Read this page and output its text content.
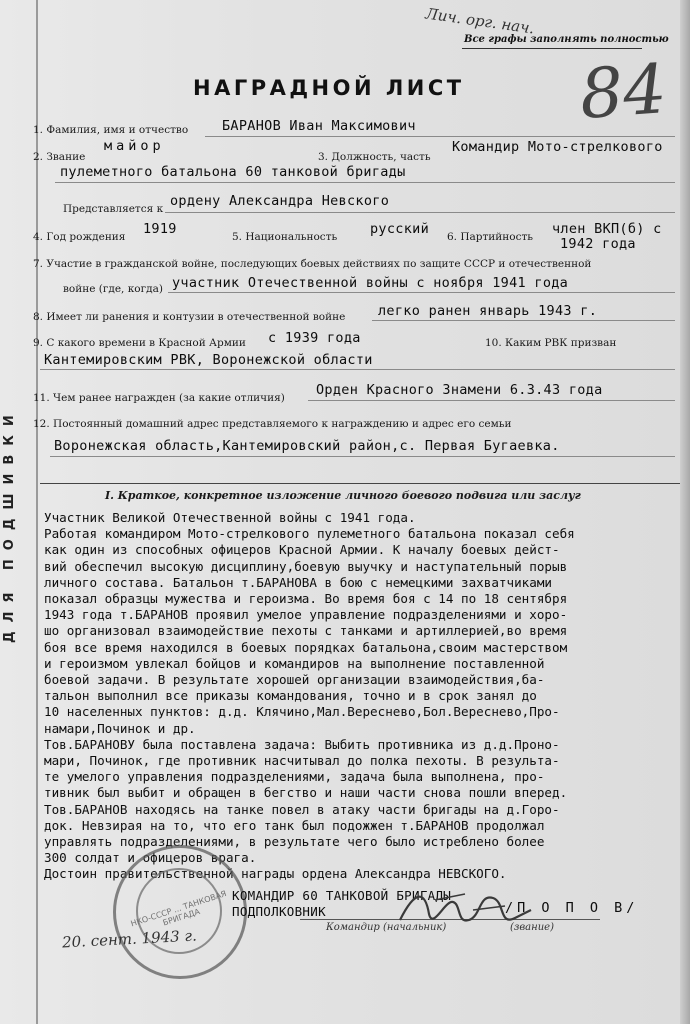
ДЛЯ ПОДШИВКИ
Лич. орг. нач.
84
Все графы заполнять полностью
НАГРАДНОЙ ЛИСТ
1. Фамилия, имя и отчество	БАРАНОВ Иван Максимович
2. Звание
майор
3. Должность, часть
Командир Мото-стрелкового
пулеметного батальона 60 танковой бригады
Представляется к ордену Александра Невского
4. Год рождения 1919	5. Национальность русский 6. Партийность член ВКП(б) с
1942 года
7. Участие в гражданской войне, последующих боевых действиях по защите СССР и отечественной
войне (где, когда) участник Отечественной войны с ноября 1941 года
8. Имеет ли ранения и контузии в отечественной войне легко ранен январь 1943 г.
9. С какого времени в Красной Армии с 1939 года	10. Каким РВК призван
Кантемировским РВК, Воронежской области
11. Чем ранее награжден (за какие отличия) Орден Красного Знамени 6.3.43 года
12. Постоянный домашний адрес представляемого к награждению и адрес его семьи
Воронежская область,Кантемировский район,с. Первая Бугаевка.
I. Краткое, конкретное изложение личного боевого подвига или заслуг
Участник Великой Отечественной войны с 1941 года.
Работая командиром Мото-стрелкового пулеметного батальона показал себя
как один из способных офицеров Красной Армии. К началу боевых дейст-
вий обеспечил высокую дисциплину,боевую выучку и наступательный порыв
личного состава. Батальон т.БАРАНОВА в бою с немецкими захватчиками
показал образцы мужества и героизма. Во время боя с 14 по 18 сентября
1943 года т.БАРАНОВ проявил умелое управление подразделениями и хоро-
шо организовал взаимодействие пехоты с танками и артиллерией,во время
боя все время находился в боевых порядках батальона,своим мастерством
и героизмом увлекал бойцов и командиров на выполнение поставленной
боевой задачи. В результате хорошей организации взаимодействия,ба-
тальон выполнил все приказы командования, точно и в срок занял до
10 населенных пунктов: д.д. Клячино,Мал.Вереснево,Бол.Вереснево,Про-
намари,Починок и др.
Тов.БАРАНОВУ была поставлена задача: Выбить противника из д.д.Проно-
мари, Починок, где противник насчитывал до полка пехоты. В результа-
те умелого управления подразделениями, задача была выполнена, про-
тивник был выбит и обращен в бегство и наши части снова пошли вперед.
Тов.БАРАНОВ находясь на танке повел в атаку части бригады на д.Горо-
док. Невзирая на то, что его танк был подожжен т.БАРАНОВ продолжал
управлять подразделениями, в результате чего было истреблено более
300 солдат и офицеров врага.
Достоин правительственной награды ордена Александра НЕВСКОГО.
НКО-СССР ... ТАНКОВАЯ БРИГАДА
КОМАНДИР 60 ТАНКОВОЙ БРИГАДЫ
ПОДПОЛКОВНИК	/П О П О В/
Командир (начальник)	(звание)
20. сент. 1943 г.
